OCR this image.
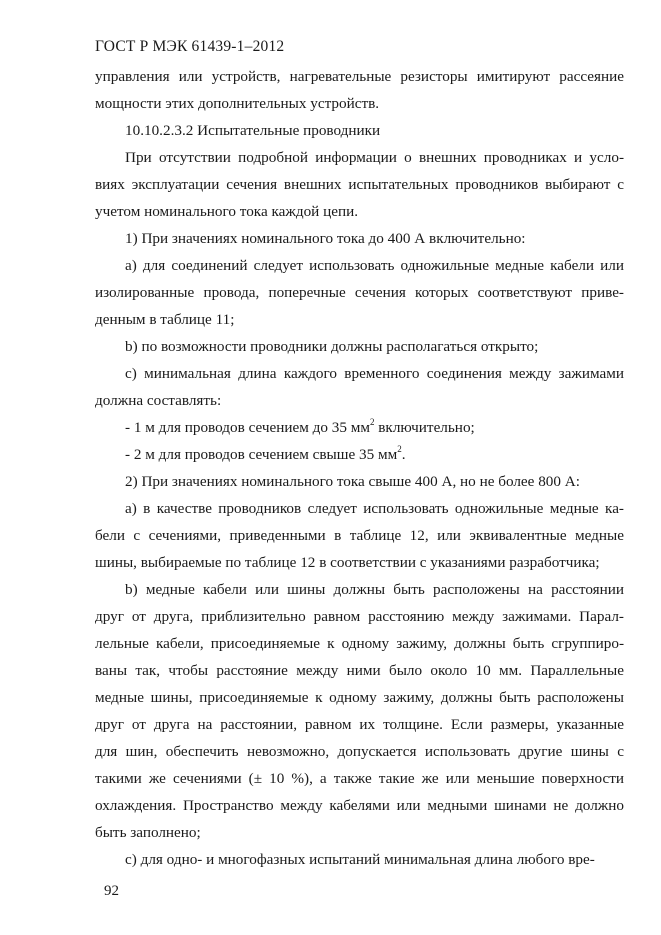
ГОСТ Р МЭК 61439-1–2012

управления или устройств, нагревательные резисторы имитируют рассеяние

мощности этих дополнительных устройств.

10.10.2.3.2 Испытательные проводники

При отсутствии подробной информации о внешних проводниках и усло-

виях эксплуатации сечения внешних испытательных проводников выбирают с

учетом номинального тока каждой цепи.

1) При значениях номинального тока до 400 А включительно:

a) для соединений следует использовать одножильные медные кабели или

изолированные провода, поперечные сечения которых соответствуют приве-

денным в таблице 11;

b) по возможности проводники должны располагаться открыто;

c) минимальная длина каждого временного соединения между зажимами

должна составлять:

- 1 м для проводов сечением до 35 $мм^2$ включительно;

- 2 м для проводов сечением свыше 35 $мм^2$.

2) При значениях номинального тока свыше 400 А, но не более 800 А:

a) в качестве проводников следует использовать одножильные медные ка-

бели с сечениями, приведенными в таблице 12, или эквивалентные медные

шины, выбираемые по таблице 12 в соответствии с указаниями разработчика;

b) медные кабели или шины должны быть расположены на расстоянии

друг от друга, приблизительно равном расстоянию между зажимами. Парал-

лельные кабели, присоединяемые к одному зажиму, должны быть сгруппиро-

ваны так, чтобы расстояние между ними было около 10 мм. Параллельные

медные шины, присоединяемые к одному зажиму, должны быть расположены

друг от друга на расстоянии, равном их толщине. Если размеры, указанные

для шин, обеспечить невозможно, допускается использовать другие шины с

такими же сечениями (± 10 %), а также такие же или меньшие поверхности

охлаждения. Пространство между кабелями или медными шинами не должно

быть заполнено;

c) для одно- и многофазных испытаний минимальная длина любого вре-

92
